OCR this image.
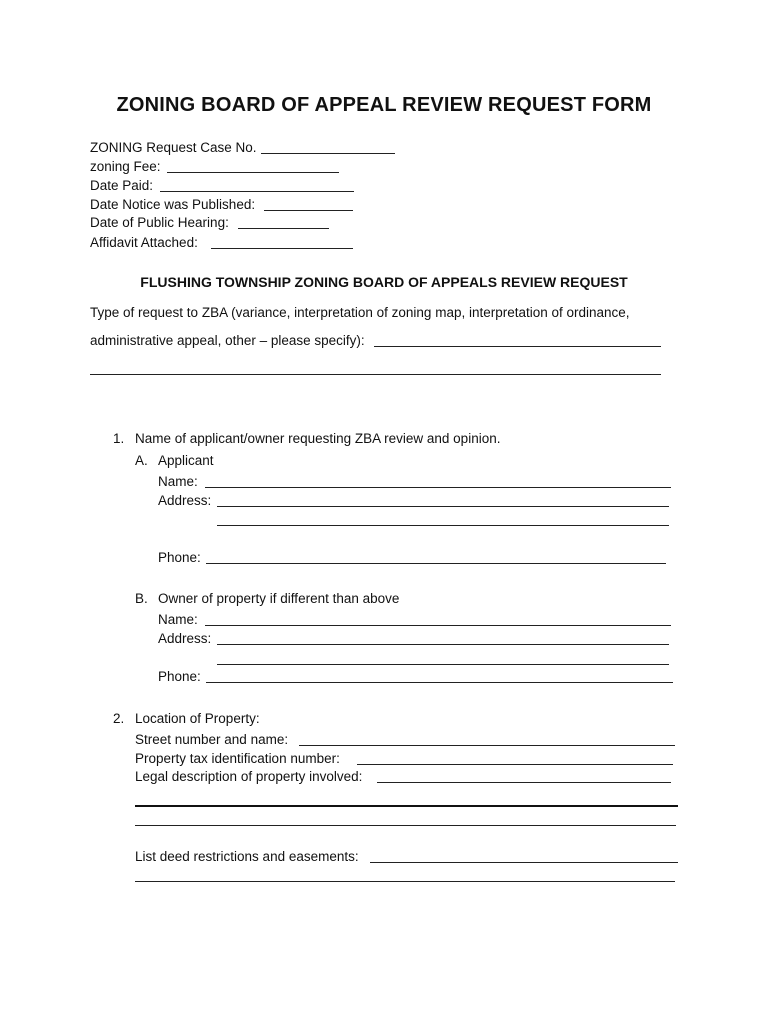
ZONING BOARD OF APPEAL REVIEW REQUEST FORM
ZONING Request Case No.
zoning Fee:
Date Paid:
Date Notice was Published:
Date of Public Hearing:
Affidavit Attached:
FLUSHING TOWNSHIP ZONING BOARD OF APPEALS REVIEW REQUEST
Type of request to ZBA (variance, interpretation of zoning map, interpretation of ordinance,
administrative appeal, other – please specify):
1. Name of applicant/owner requesting ZBA review and opinion.
A. Applicant
Name:
Address:
Phone:
B. Owner of property if different than above
Name:
Address:
Phone:
2. Location of Property:
Street number and name:
Property tax identification number:
Legal description of property involved:
List deed restrictions and easements:
